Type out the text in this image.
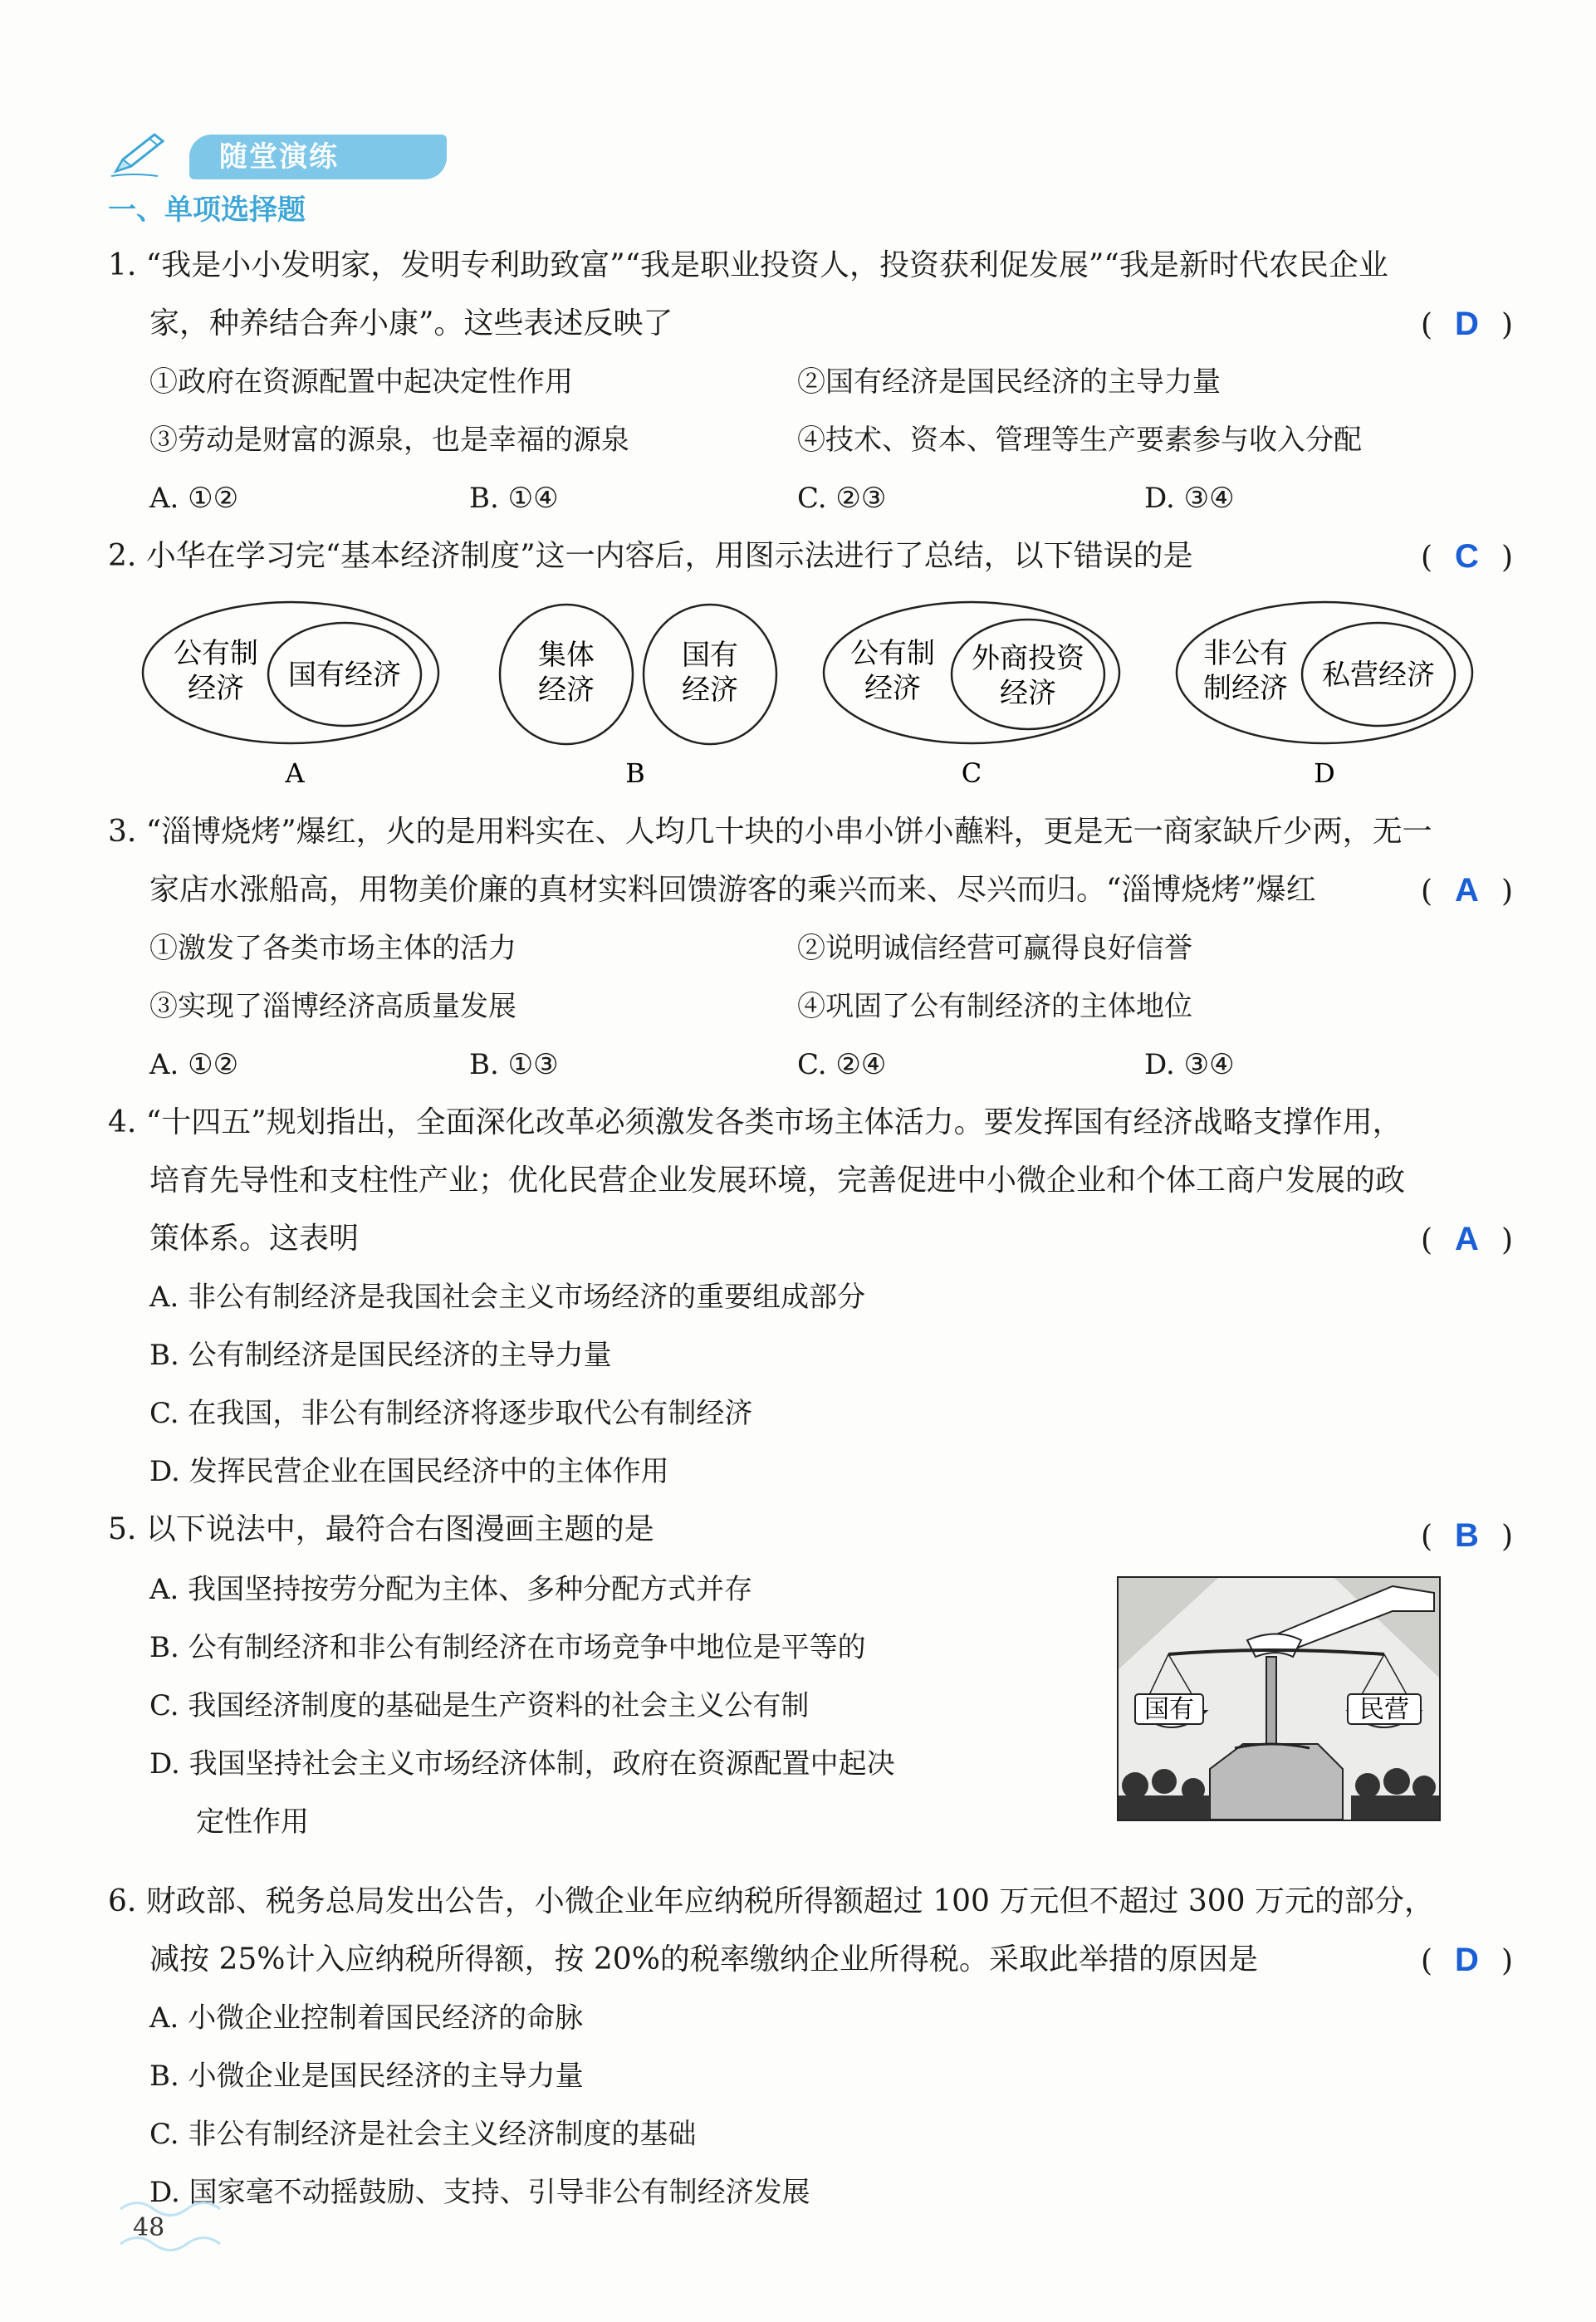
随堂演练
一、单项选择题
1. “我是小小发明家，发明专利助致富”“我是职业投资人，投资获利促发展”“我是新时代农民企业
家，种养结合奔小康”。这些表述反映了	( D )
①政府在资源配置中起决定性作用	②国有经济是国民经济的主导力量
③劳动是财富的源泉，也是幸福的源泉	④技术、资本、管理等生产要素参与收入分配
A. ①②	B. ①④	C. ②③	D. ③④
2. 小华在学习完“基本经济制度”这一内容后，用图示法进行了总结，以下错误的是	( C )
公有制
经济 国有经济
A
集体
经济
国有
经济
B
公有制
经济
外商投资
经济
C
非公有
制经济 私营经济
D
3. “淄博烧烤”爆红，火的是用料实在、人均几十块的小串小饼小蘸料，更是无一商家缺斤少两，无一
家店水涨船高，用物美价廉的真材实料回馈游客的乘兴而来、尽兴而归。“淄博烧烤”爆红	( A )
①激发了各类市场主体的活力	②说明诚信经营可赢得良好信誉
③实现了淄博经济高质量发展	④巩固了公有制经济的主体地位
A. ①②	B. ①③	C. ②④	D. ③④
4. “十四五”规划指出，全面深化改革必须激发各类市场主体活力。要发挥国有经济战略支撑作用，
培育先导性和支柱性产业；优化民营企业发展环境，完善促进中小微企业和个体工商户发展的政
策体系。这表明	( A )
A. 非公有制经济是我国社会主义市场经济的重要组成部分
B. 公有制经济是国民经济的主导力量
C. 在我国，非公有制经济将逐步取代公有制经济
D. 发挥民营企业在国民经济中的主体作用
5. 以下说法中，最符合右图漫画主题的是	( B )
A. 我国坚持按劳分配为主体、多种分配方式并存
B. 公有制经济和非公有制经济在市场竞争中地位是平等的
C. 我国经济制度的基础是生产资料的社会主义公有制
D. 我国坚持社会主义市场经济体制，政府在资源配置中起决
定性作用
国有	民营
6. 财政部、税务总局发出公告，小微企业年应纳税所得额超过 100 万元但不超过 300 万元的部分，
减按 25%计入应纳税所得额，按 20%的税率缴纳企业所得税。采取此举措的原因是	( D )
A. 小微企业控制着国民经济的命脉
B. 小微企业是国民经济的主导力量
C. 非公有制经济是社会主义经济制度的基础
D. 国家毫不动摇鼓励、支持、引导非公有制经济发展
48
